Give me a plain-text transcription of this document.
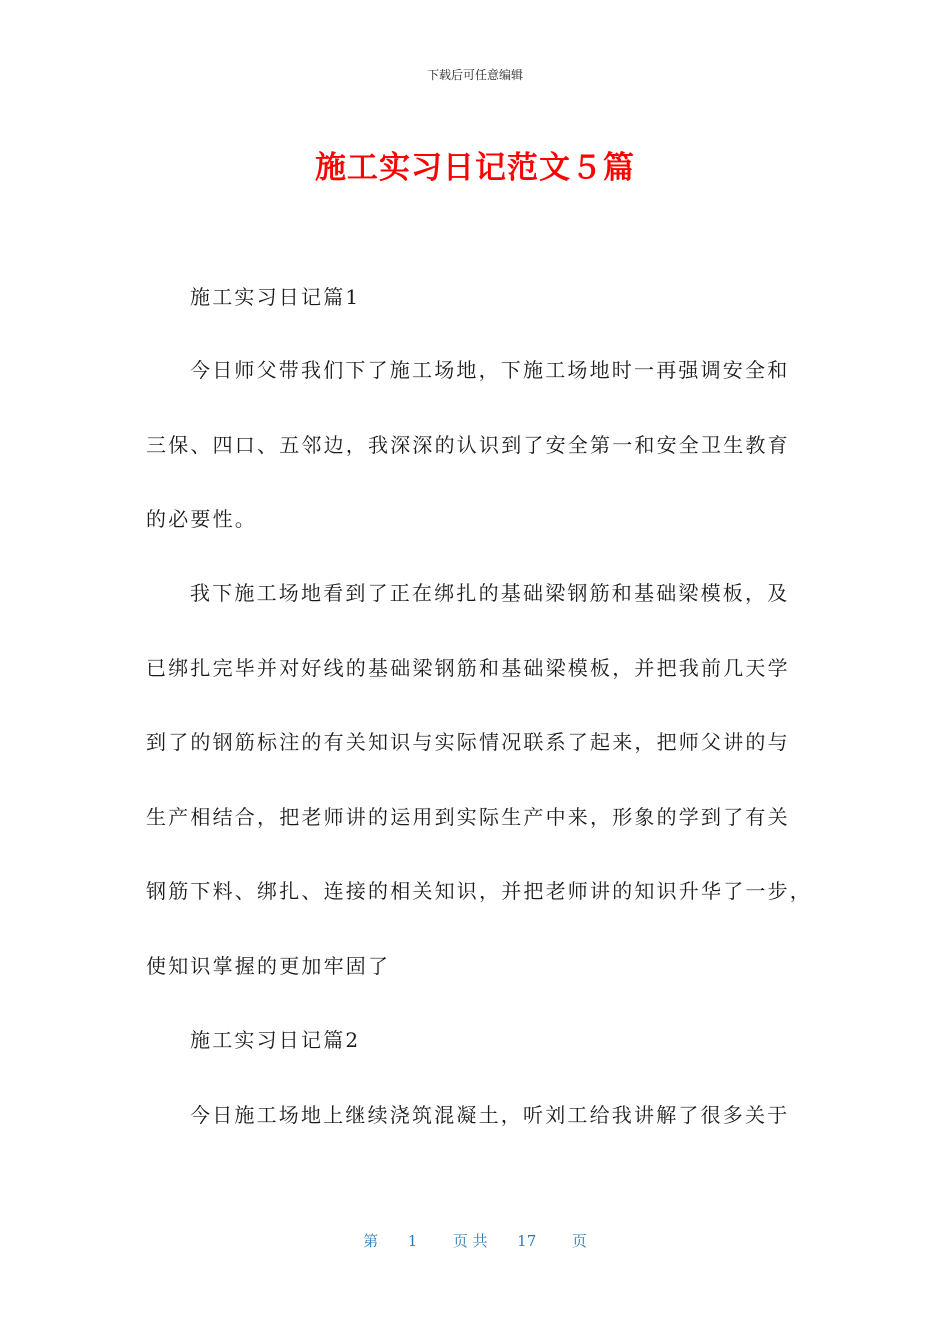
下载后可任意编辑
施工实习日记范文５篇
施工实习日记篇1
今日师父带我们下了施工场地，下施工场地时一再强调安全和
三保、四口、五邻边，我深深的认识到了安全第一和安全卫生教育
的必要性。
我下施工场地看到了正在绑扎的基础梁钢筋和基础梁模板，及
已绑扎完毕并对好线的基础梁钢筋和基础梁模板，并把我前几天学
到了的钢筋标注的有关知识与实际情况联系了起来，把师父讲的与
生产相结合，把老师讲的运用到实际生产中来，形象的学到了有关
钢筋下料、绑扎、连接的相关知识，并把老师讲的知识升华了一步，
使知识掌握的更加牢固了
施工实习日记篇2
今日施工场地上继续浇筑混凝土，听刘工给我讲解了很多关于
第 1 页 共 17 页
